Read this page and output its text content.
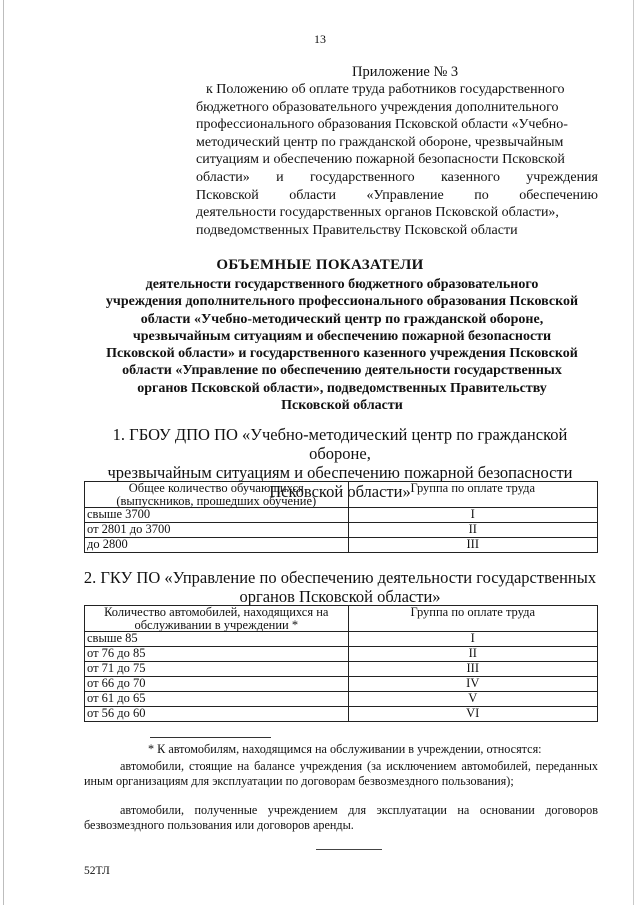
13
Приложение № 3
к Положению об оплате труда работников государственного
бюджетного образовательного учреждения дополнительного
профессионального образования Псковской области «Учебно-
методический центр по гражданской обороне, чрезвычайным
ситуациям и обеспечению пожарной безопасности Псковской
области» и государственного казенного учреждения
Псковской области «Управление по обеспечению
деятельности государственных органов Псковской области»,
подведомственных Правительству Псковской области
ОБЪЕМНЫЕ ПОКАЗАТЕЛИ
деятельности государственного бюджетного образовательного
учреждения дополнительного профессионального образования Псковской
области «Учебно-методический центр по гражданской обороне,
чрезвычайным ситуациям и обеспечению пожарной безопасности
Псковской области» и государственного казенного учреждения Псковской
области «Управление по обеспечению деятельности государственных
органов Псковской области», подведомственных Правительству
Псковской области
1. ГБОУ ДПО ПО «Учебно-методический центр по гражданской обороне,
чрезвычайным ситуациям и обеспечению пожарной безопасности
Псковской области»
Общее количество обучающихся
(выпускников, прошедших обучение)	Группа по оплате труда
свыше 3700	I
от 2801 до 3700	II
до 2800	III
2. ГКУ ПО «Управление по обеспечению деятельности государственных
органов Псковской области»
Количество автомобилей, находящихся на
обслуживании в учреждении *	Группа по оплате труда
свыше 85	I
от 76 до 85	II
от 71 до 75	III
от 66 до 70	IV
от 61 до 65	V
от 56 до 60	VI
* К автомобилям, находящимся на обслуживании в учреждении, относятся:
автомобили, стоящие на балансе учреждения (за исключением автомобилей, переданных иным организациям для эксплуатации по договорам безвозмездного пользования);
автомобили, полученные учреждением для эксплуатации на основании договоров безвозмездного пользования или договоров аренды.
52ТЛ
